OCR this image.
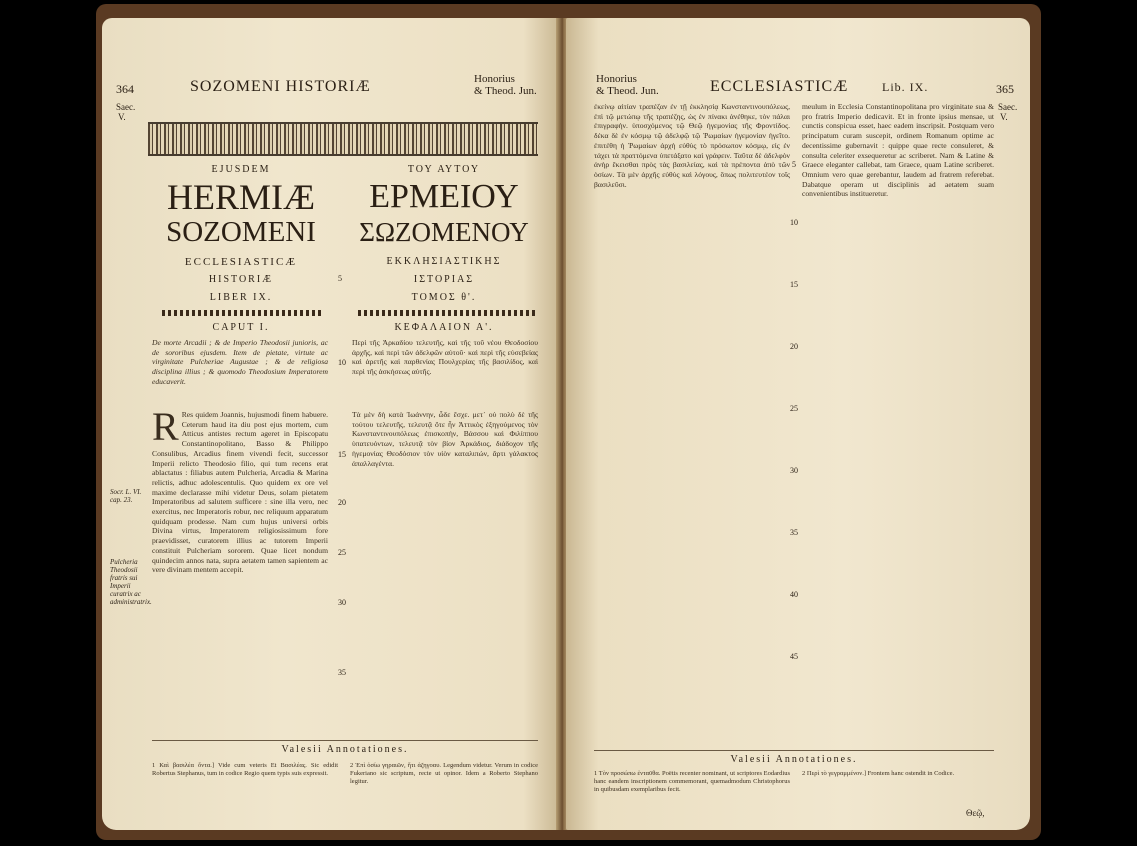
364	SOZOMENI HISTORIÆ	Honorius
& Theod. Jun.
Saec.
V.
EJUSDEM
HERMIÆ
SOZOMENI
ECCLESIASTICÆ
HISTORIÆ
LIBER IX.
ΤΟΥ ΑΥΤΟΥ
ΕΡΜΕΙΟΥ
ΣΩΖΟΜΕΝΟΥ
ΕΚΚΛΗΣΙΑΣΤΙΚΗΣ
ΙΣΤΟΡΙΑΣ
ΤΟΜΟΣ θ'.
5
CAPUT I.	ΚΕΦΑΛΑΙΟΝ Α'.
De morte Arcadii ; & de Imperio Theodosii junioris, ac de sororibus ejusdem. Item de pietate, virtute ac virginitate Pulcheriae Augustae ; & de religiosa disciplina illius ; & quomodo Theodosium Imperatorem educaverit.
Περὶ τῆς Ἀρκαδίου τελευτῆς, καὶ τῆς τοῦ νέου Θεοδοσίου ἀρχῆς, καὶ περὶ τῶν ἀδελφῶν αὐτοῦ· καὶ περὶ τῆς εὐσεβείας καὶ ἀρετῆς καὶ παρθενίας Πουλχερίας τῆς βασιλίδος, καὶ περὶ τῆς ἀσκήσεως αὐτῆς.
R Res quidem Joannis, hujusmodi finem habuere. Ceterum haud ita diu post ejus mortem, cum Atticus antistes rectum ageret in Episcopatu Constantinopolitano, Basso & Philippo Consulibus, Arcadius finem vivendi fecit, successor Imperii relicto Theodosio filio, qui tum recens erat ablactatus : filiabus autem Pulcheria, Arcadia & Marina relictis, adhuc adolescentulis. Quo quidem ex ore vel maxime declarasse mihi videtur Deus, solam pietatem Imperatoribus ad salutem sufficere : sine illa vero, nec exercitus, nec Imperatoris robur, nec reliquum apparatum quidquam prodesse. Nam cum hujus universi orbis Divina virtus, Imperatorem religiosissimum fore praevidisset, curatorem illius ac tutorem Imperii constituit Pulcheriam sororem. Quae licet nondum quindecim annos nata, supra aetatem tamen sapientem ac vere divinam mentem accepit.
Τὰ μὲν δὴ κατὰ Ἰωάννην, ὧδε ἔσχε. μετ᾽ οὐ πολὺ δὲ τῆς τούτου τελευτῆς, τελευτᾷ ὅτε ἦν Ἀττικὸς ἐξηγούμενος τὸν Κωνσταντινουπόλεως ἐπισκοπὴν, Βάσσου καὶ Φιλίππου ὑπατευόντων, τελευτᾷ τὸν βίον Ἀρκάδιος, διάδοχον τῆς ἡγεμονίας Θεοδόσιον τὸν υἱὸν καταλιπών, ἄρτι γάλακτος ἀπαλλαγέντα.
10
15
20
25
30
35
Socr. L. VI. cap. 23.
Pulcheria Theodosii fratris sui Imperii curatrix ac administratrix.
Valesii Annotationes.
1 Καὶ βασιλέα ὄντα.] Vide cum veteris Et Βασιλέας. Sic edidit Robertus Stephanus, tum in codice Regio quem typis suis expressit.
2 Ἐπὶ ὁσίω γηραιῶν, ἥτι ἀζηγοαυ. Legendum videtur. Verum in codice Fukeriano sic scriptum, recte ut opinor. Idem a Roberto Stephano legitur.
Honorius
& Theod. Jun.	ECCLESIASTICÆ	Lib. IX.	365
Saec.
V.
ἐκείνῳ αἰτίαν τραπέζαν ἐν τῇ ἐκκλησίᾳ Κωνσταντινουπόλεως, ἐπὶ τῷ μετώπῳ τῆς τραπέζης, ὡς ἐν πίνακι ἀνέθηκε, τὸν πάλαι ἐπιγραφὴν. ὑποσχόμενος τῷ Θεῷ ἡγεμονίας τῆς Φροντίδος. δέκα δὲ ἐν κόσμῳ τῷ ἀδελφῷ τῷ Ῥωμαίων ἡγεμονίαν ἡγεῖτο. ἐπιτέθη ἡ Ῥωμαίων ἀρχὴ εὐθὺς τὸ πρόσωπον κόσμῳ, εἰς ἐν τάχει τὰ πραττόμενα ὑπετάξατο καὶ γράφειν. Ταῦτα δὲ ἀδελφὸν ἀνὴρ ἔκεισθαι πρὸς τὰς βασιλείας, καὶ τὰ πρέποντα ἀπὸ τῶν ὁσίων. Τὰ μὲν ἀρχῆς εὐθὺς καὶ λόγους, ὅπως πολιτευτέον τοῖς βασιλεῦσι.
meulum in Ecclesia Constantinopolitana pro virginitate sua & pro fratris Imperio dedicavit. Et in fronte ipsius mensae, ut cunctis conspicua esset, haec eadem inscripsit. Postquam vero principatum curam suscepit, ordinem Romanum optime ac decentissime gubernavit : quippe quae recte consuleret, & consulta celeriter exsequeretur ac scriberet. Nam & Latine & Graece eleganter callebat, tam Graece, quam Latine scriberet. Omnium vero quae gerebantur, laudem ad fratrem referebat. Dabatque operam ut disciplinis ad aetatem suam convenientibus institueretur.
5
10
15
20
25
30
35
40
45
Valesii Annotationes.
1 Τὸν προσώπω ἐνταῦθα. Poëtis recenter nominant, ut scriptores Eodardius hanc eandem inscriptionem commemorant, quemadmodum Christophorus in quibusdam exemplaribus fecit.
2 Περὶ τὸ γεγραμμένον.] Frontem hanc ostendit in Codice.
Θεῷ,
